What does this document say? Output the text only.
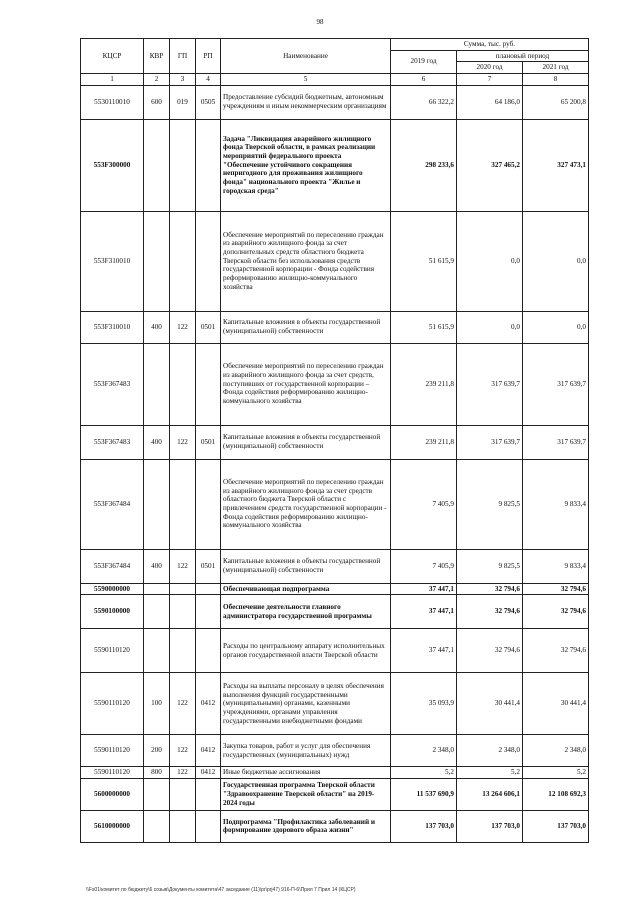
98
КЦСР	КВР	ГП	РП	Наименование	Сумма, тыс. руб.		
					2019 год	плановый период	
						2020 год	2021 год
1	2	3	4	5	6	7	8
5530110010	600	019	0505	Предоставление субсидий бюджетным, автономным учреждениям и иным некоммерческим организациям	66 322,2	64 186,0	65 200,8
553F300000				Задача "Ликвидация аварийного жилищного фонда Тверской области, в рамках реализации мероприятий федерального проекта "Обеспечение устойчивого сокращения непригодного для проживания жилищного фонда" национального проекта "Жилье и городская среда"	298 233,6	327 465,2	327 473,1
553F310010				Обеспечение мероприятий по переселению граждан из аварийного жилищного фонда за счет дополнительных средств областного бюджета Тверской области без использования средств государственной корпорации - Фонда содействия реформированию жилищно-коммунального хозяйства	51 615,9	0,0	0,0
553F310010	400	122	0501	Капитальные вложения в объекты государственной (муниципальной) собственности	51 615,9	0,0	0,0
553F367483				Обеспечение мероприятий по переселению граждан из аварийного жилищного фонда за счет средств, поступивших от государственной корпорации – Фонда содействия реформированию жилищно-коммунального хозяйства	239 211,8	317 639,7	317 639,7
553F367483	400	122	0501	Капитальные вложения в объекты государственной (муниципальной) собственности	239 211,8	317 639,7	317 639,7
553F367484				Обеспечение мероприятий по переселению граждан из аварийного жилищного фонда за счет средств областного бюджета Тверской области с привлечением средств государственной корпорации - Фонда содействия реформированию жилищно-коммунального хозяйства	7 405,9	9 825,5	9 833,4
553F367484	400	122	0501	Капитальные вложения в объекты государственной (муниципальной) собственности	7 405,9	9 825,5	9 833,4
5590000000				Обеспечивающая подпрограмма	37 447,1	32 794,6	32 794,6
5590100000				Обеспечение деятельности главного администратора государственной программы	37 447,1	32 794,6	32 794,6
5590110120				Расходы по центральному аппарату исполнительных органов государственной власти Тверской области	37 447,1	32 794,6	32 794,6
5590110120	100	122	0412	Расходы на выплаты персоналу в целях обеспечения выполнения функций государственными (муниципальными) органами, казенными учреждениями, органами управления государственными внебюджетными фондами	35 093,9	30 441,4	30 441,4
5590110120	200	122	0412	Закупка товаров, работ и услуг для обеспечения государственных (муниципальных) нужд	2 348,0	2 348,0	2 348,0
5590110120	800	122	0412	Иные бюджетные ассигнования	5,2	5,2	5,2
5600000000				Государственная программа Тверской области "Здравоохранение Тверской области" на 2019-2024 годы	11 537 690,9	13 264 606,1	12 108 692,3
5610000000				Подпрограмма "Профилактика заболеваний и формирование здорового образа жизни"	137 703,0	137 703,0	137 703,0
\\Fs01\комитет по бюджету\6 созыв\Документы комитета\47 заседание (11)\pr\prj47) 916-П-6\Прил 7 Прил 14 (КЦСР)
